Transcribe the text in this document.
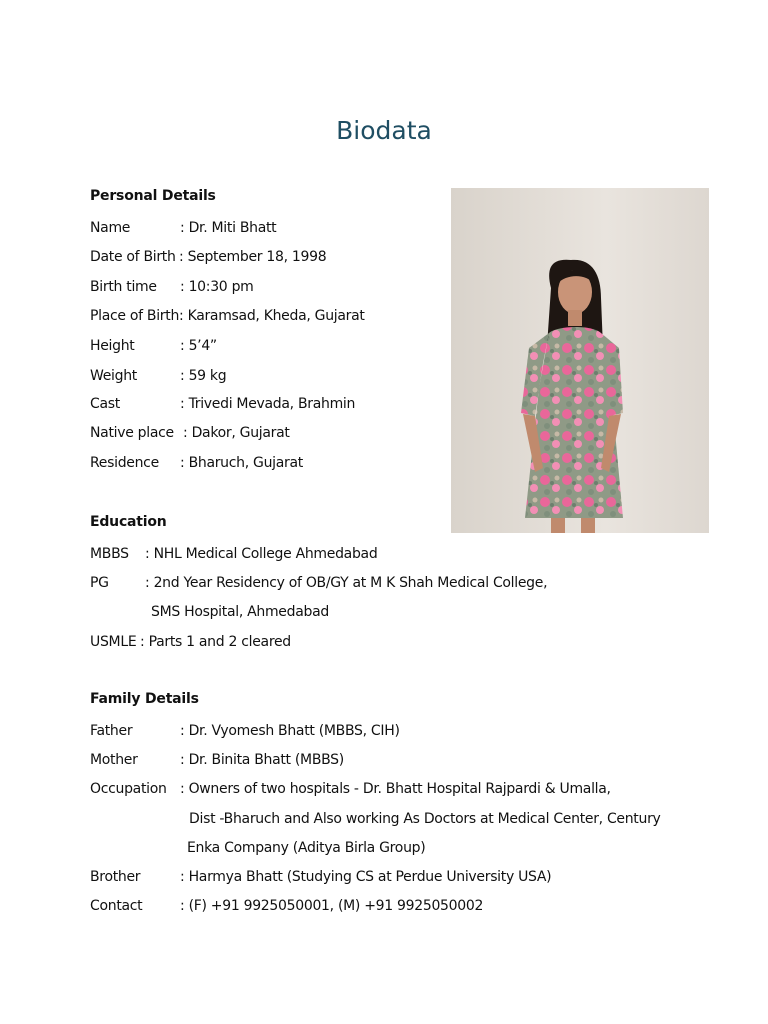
Biodata
Personal Details
Name	: Dr. Miti Bhatt
Date of Birth : September 18, 1998
Birth time : 10:30 pm
Place of Birth : Karamsad, Kheda, Gujarat
Height	: 5’4”
Weight	: 59 kg
Cast	: Trivedi Mevada, Brahmin
Native place : Dakor, Gujarat
Residence : Bharuch, Gujarat
Education
MBBS : NHL Medical College Ahmedabad
PG	: 2nd Year Residency of OB/GY at M K Shah Medical College,
SMS Hospital, Ahmedabad
USMLE : Parts 1 and 2 cleared
Family Details
Father	: Dr. Vyomesh Bhatt (MBBS, CIH)
Mother	: Dr. Binita Bhatt (MBBS)
Occupation : Owners of two hospitals - Dr. Bhatt Hospital Rajpardi & Umalla,
Dist -Bharuch and Also working As Doctors at Medical Center, Century
Enka Company (Aditya Birla Group)
Brother	: Harmya Bhatt (Studying CS at Perdue University USA)
Contact	: (F) +91 9925050001, (M) +91 9925050002
